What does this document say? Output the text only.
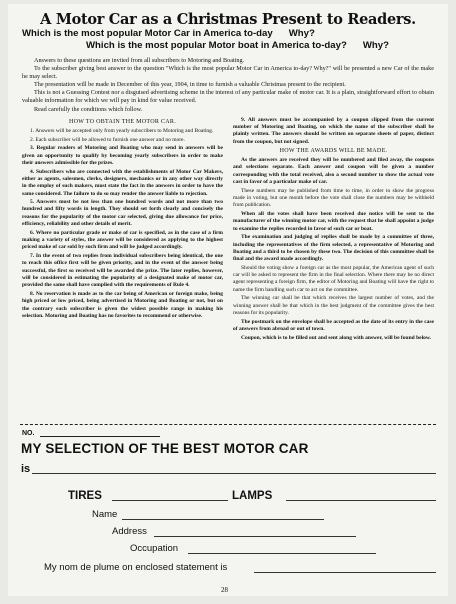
A Motor Car as a Christmas Present to Readers.
Which is the most popular Motor Car in America to-day Why?
Which is the most popular Motor boat in America to-day? Why?

Answers to these questions are invited from all subscribers to Motoring and Boating.

To the subscriber giving best answer to the question "Which is the most popular Motor Car in America to-day? Why?" will be presented a new Car of the make he may select.

The presentation will be made in December of this year, 1904, in time to furnish a valuable Christmas present to the recipient.

This is not a Guessing Contest nor a disguised advertising scheme in the interest of any particular make of motor car. It is a plain, straightforward effort to obtain valuable information for which we will pay in kind for value received.

Read carefully the conditions which follow.

HOW TO OBTAIN THE MOTOR CAR.

1. Answers will be accepted only from yearly subscribers to Motoring and Boating.

2. Each subscriber will be allowed to furnish one answer and no more.

3. Regular readers of Motoring and Boating who may send in answers will be given an opportunity to qualify by becoming yearly subscribers in order to make their answers admissible for the prizes.

4. Subscribers who are connected with the establishments of Motor Car Makers, either as agents, salesmen, clerks, designers, mechanics or in any other way directly in the employ of such makers, must state the fact in the answers in order to have the same considered. The failure to do so may render the answer liable to rejection.

5. Answers must be not less than one hundred words and not more than two hundred and fifty words in length. They should set forth clearly and concisely the reasons for the popularity of the motor car selected, giving due allowance for price, efficiency, reliability and other details of merit.

6. Where no particular grade or make of car is specified, as in the case of a firm making a variety of styles, the answer will be considered as applying to the highest priced make of car sold by such firm and will be judged accordingly.

7. In the event of two replies from individual subscribers being identical, the one to reach this office first will be given priority, and in the event of the answer being successful, the first so received will be awarded the prize. The later replies, however, will be considered in estimating the popularity of a designated make of motor car, provided the same shall have complied with the requirements of Rule 4.

8. No reservation is made as to the car being of American or foreign make, being high priced or low priced, being advertised in Motoring and Boating or not, but on the contrary each subscriber is given the widest possible range in making his selection. Motoring and Boating has no favorites to recommend or otherwise.

9. All answers must be accompanied by a coupon clipped from the current number of Motoring and Boating, on which the name of the subscriber shall be plainly written. The answers should be written on separate sheets of paper, distinct from the coupon, but not signed.

HOW THE AWARDS WILL BE MADE.

As the answers are received they will be numbered and filed away, the coupons and selections separate. Each answer and coupon will be given a number corresponding with the total received, also a second number to show the actual vote cast in favor of a particular make of car.

These numbers may be published from time to time, in order to show the progress made in voting, but one month before the vote shall close the numbers may be withheld from publication.

When all the votes shall have been received due notice will be sent to the manufacturer of the winning motor car, with the request that he shall appoint a judge to examine the replies recorded in favor of such car or boat.

The examination and judging of replies shall be made by a committee of three, including the representatives of the firm selected, a representative of Motoring and Boating and a third to be chosen by these two. The decision of this committee shall be final and the award made accordingly.

Should the voting show a foreign car as the most popular, the American agent of such car will be asked to represent the firm in the final selection. Where there may be no direct agent representing a foreign firm, the editor of Motoring and Boating will have the right to name the firm handling such car to act on the committee.

The winning car shall be that which receives the largest number of votes, and the winning answer shall be that which in the best judgment of the committee gives the best reasons for its popularity.

The postmark on the envelope shall be accepted as the date of its entry in the case of answers from abroad or out of town.

Coupon, which is to be filled out and sent along with answer, will be found below.

NO.
MY SELECTION OF THE BEST MOTOR CAR
is
TIRES	LAMPS
Name
Address
Occupation
My nom de plume on enclosed statement is
28
